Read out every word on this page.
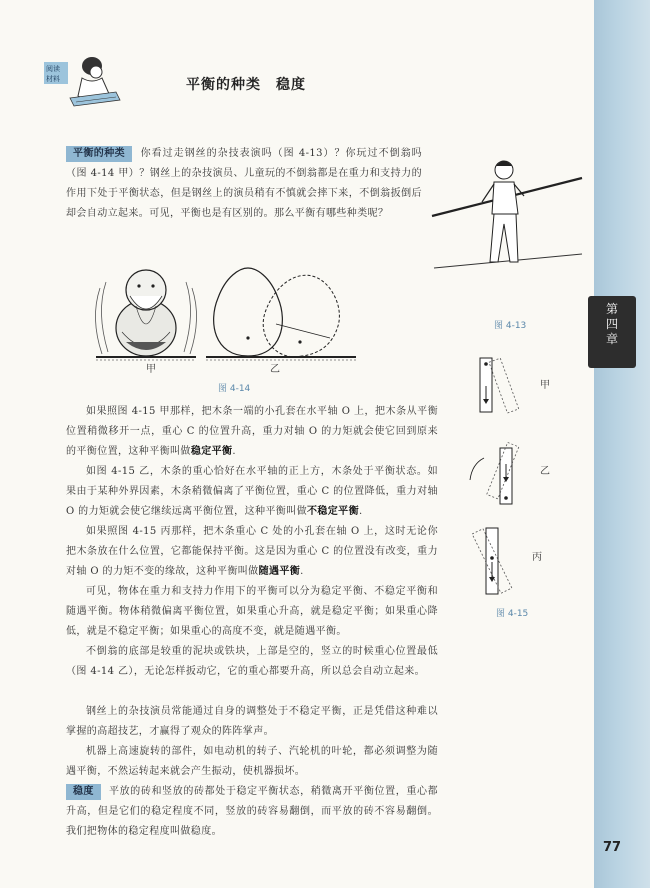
阅读
材料	平衡的种类　稳度
平衡的种类 你看过走钢丝的杂技表演吗（图 4-13）？你玩过不倒翁吗（图 4-14 甲）？钢丝上的杂技演员、儿童玩的不倒翁都是在重力和支持力的作用下处于平衡状态，但是钢丝上的演员稍有不慎就会摔下来，不倒翁扳倒后却会自动立起来。可见，平衡也是有区别的。那么平衡有哪些种类呢？
甲	乙
图 4-14
图 4-13
甲
乙
丙
图 4-15
如果照图 4-15 甲那样，把木条一端的小孔套在水平轴 O 上，把木条从平衡位置稍微移开一点，重心 C 的位置升高，重力对轴 O 的力矩就会使它回到原来的平衡位置，这种平衡叫做稳定平衡.
如图 4-15 乙，木条的重心恰好在水平轴的正上方，木条处于平衡状态。如果由于某种外界因素，木条稍微偏离了平衡位置，重心 C 的位置降低，重力对轴 O 的力矩就会使它继续远离平衡位置，这种平衡叫做不稳定平衡.
如果照图 4-15 丙那样，把木条重心 C 处的小孔套在轴 O 上，这时无论你把木条放在什么位置，它都能保持平衡。这是因为重心 C 的位置没有改变，重力对轴 O 的力矩不变的缘故，这种平衡叫做随遇平衡.
可见，物体在重力和支持力作用下的平衡可以分为稳定平衡、不稳定平衡和随遇平衡。物体稍微偏离平衡位置，如果重心升高，就是稳定平衡；如果重心降低，就是不稳定平衡；如果重心的高度不变，就是随遇平衡。
不倒翁的底部是较重的泥块或铁块，上部是空的，竖立的时候重心位置最低（图 4-14 乙），无论怎样扳动它，它的重心都要升高，所以总会自动立起来。
钢丝上的杂技演员常能通过自身的调整处于不稳定平衡，正是凭借这种难以掌握的高超技艺，才赢得了观众的阵阵掌声。
机器上高速旋转的部件，如电动机的转子、汽轮机的叶轮，都必须调整为随遇平衡，不然运转起来就会产生振动，使机器损坏。
稳度 平放的砖和竖放的砖都处于稳定平衡状态，稍微离开平衡位置，重心都升高，但是它们的稳定程度不同，竖放的砖容易翻倒，而平放的砖不容易翻倒。我们把物体的稳定程度叫做稳度。
第
四
章
77
